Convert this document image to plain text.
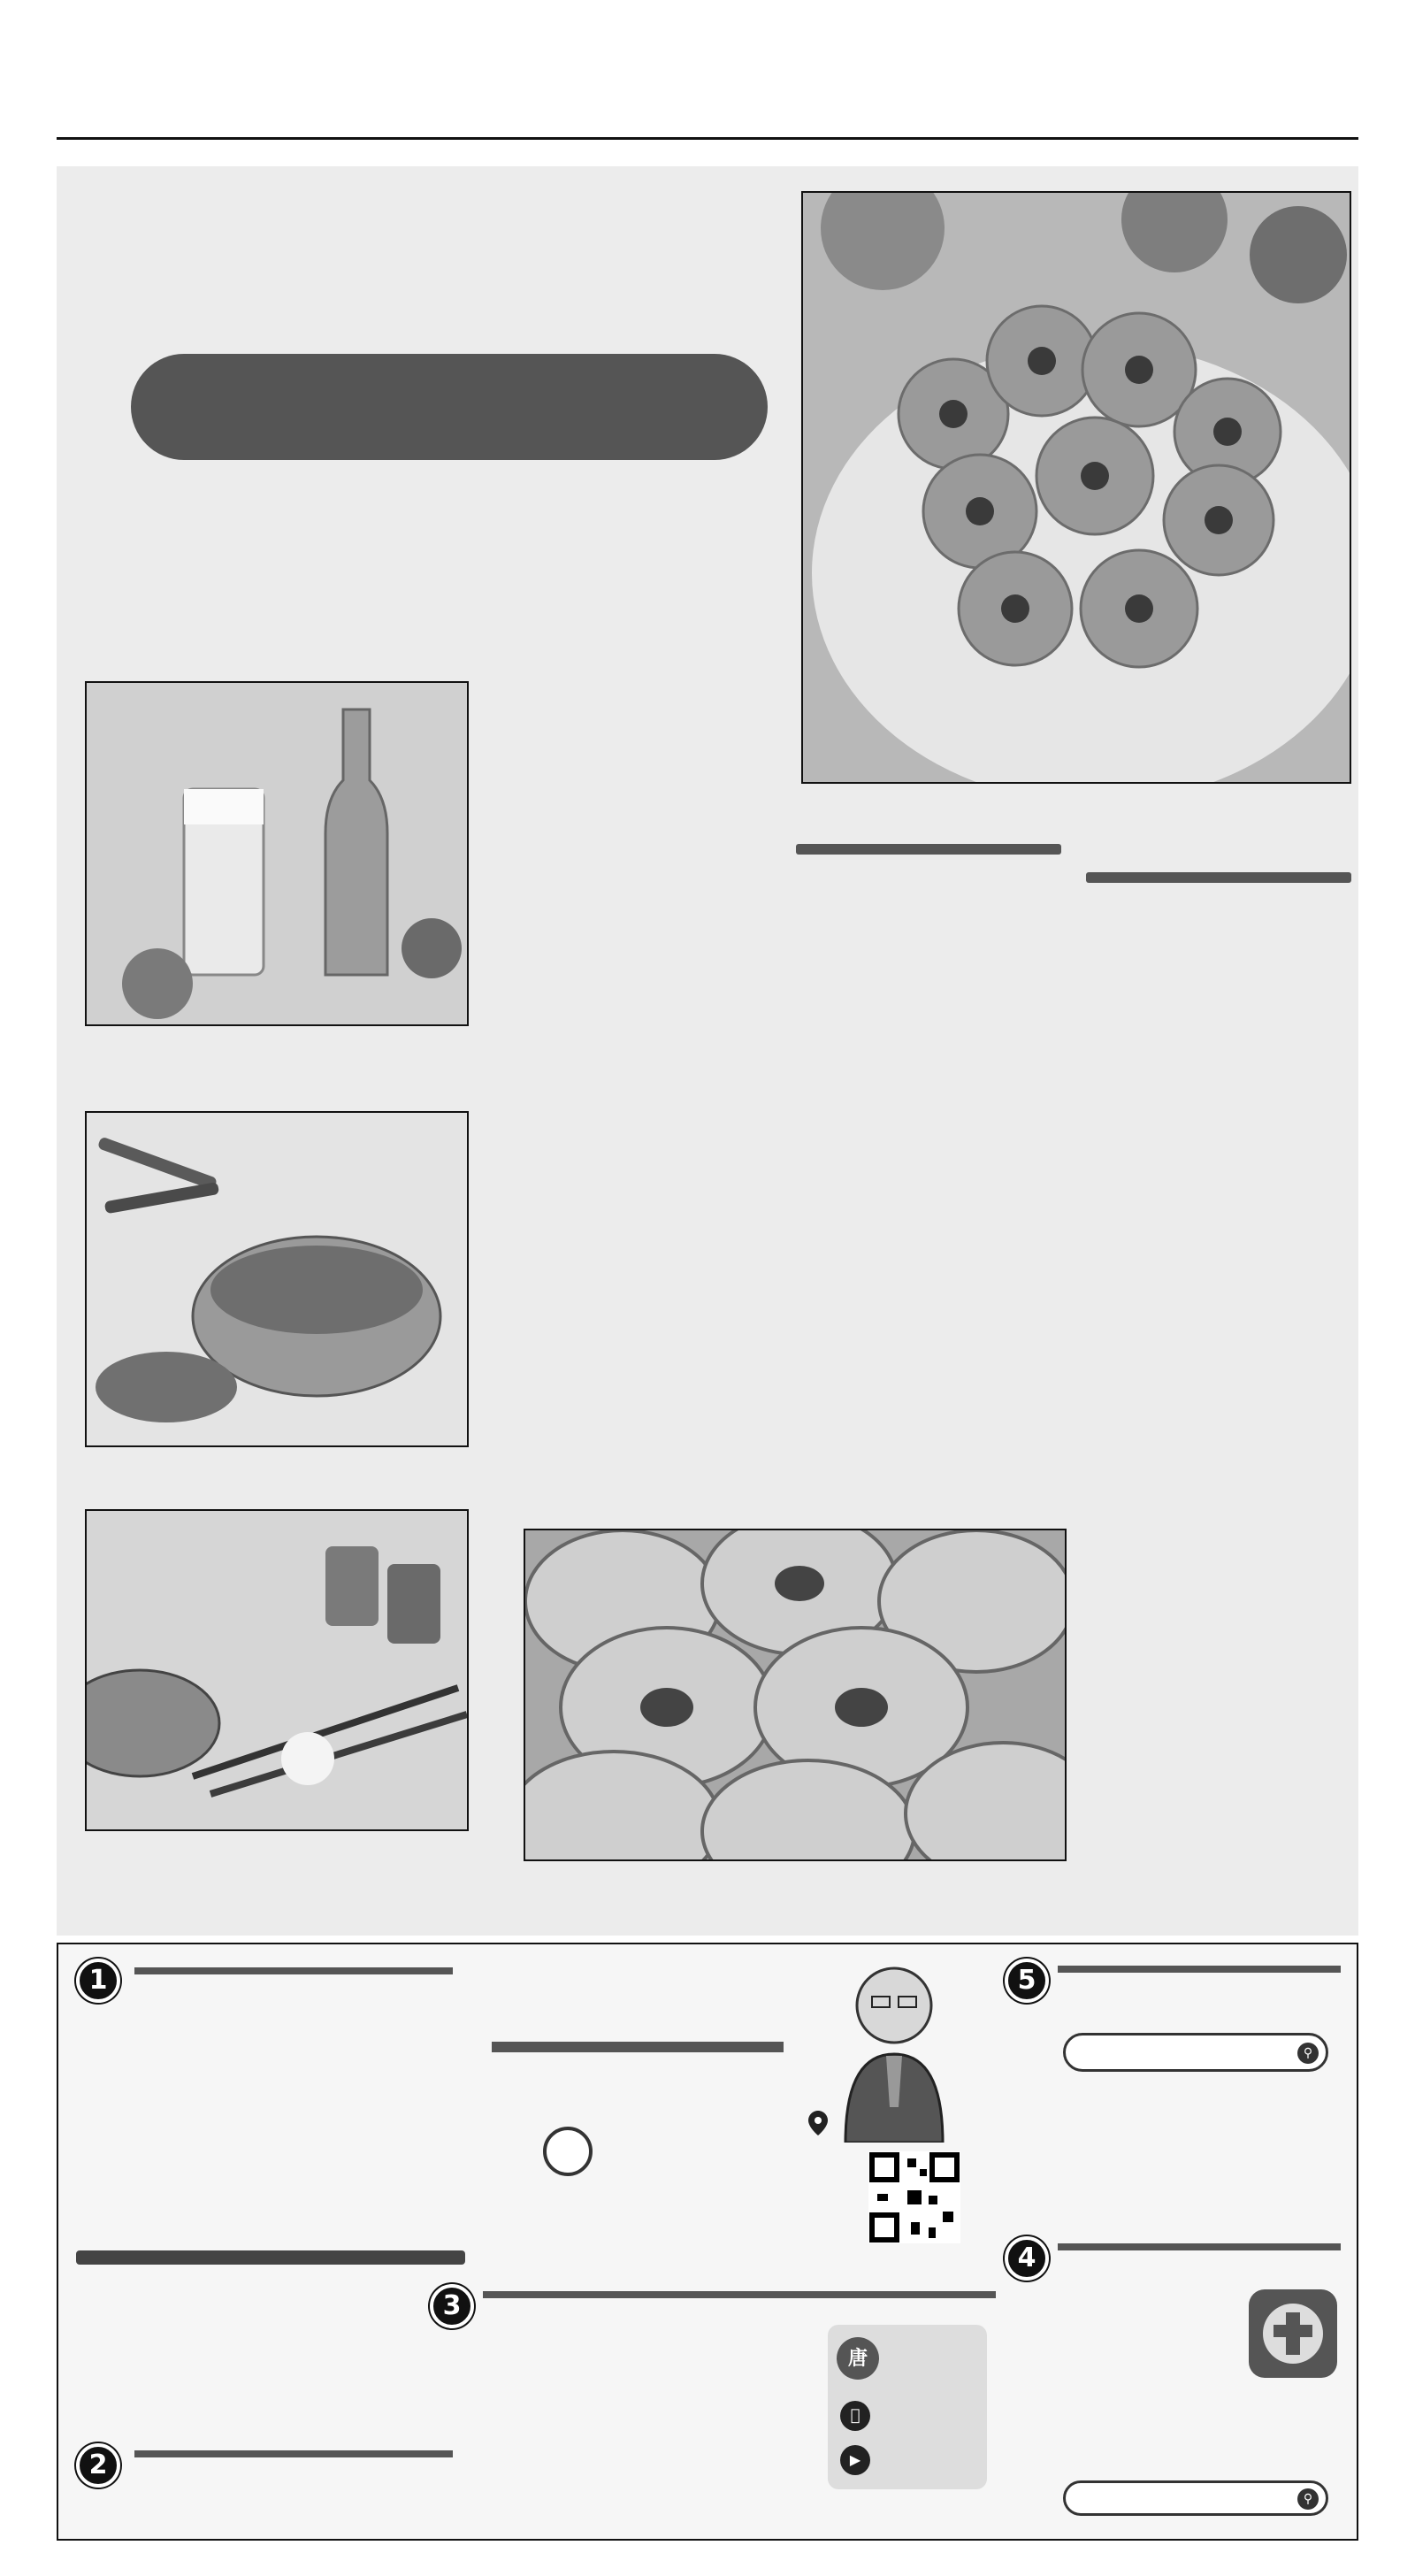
1
2
3
唐
▶
4
⚲
5
⚲
